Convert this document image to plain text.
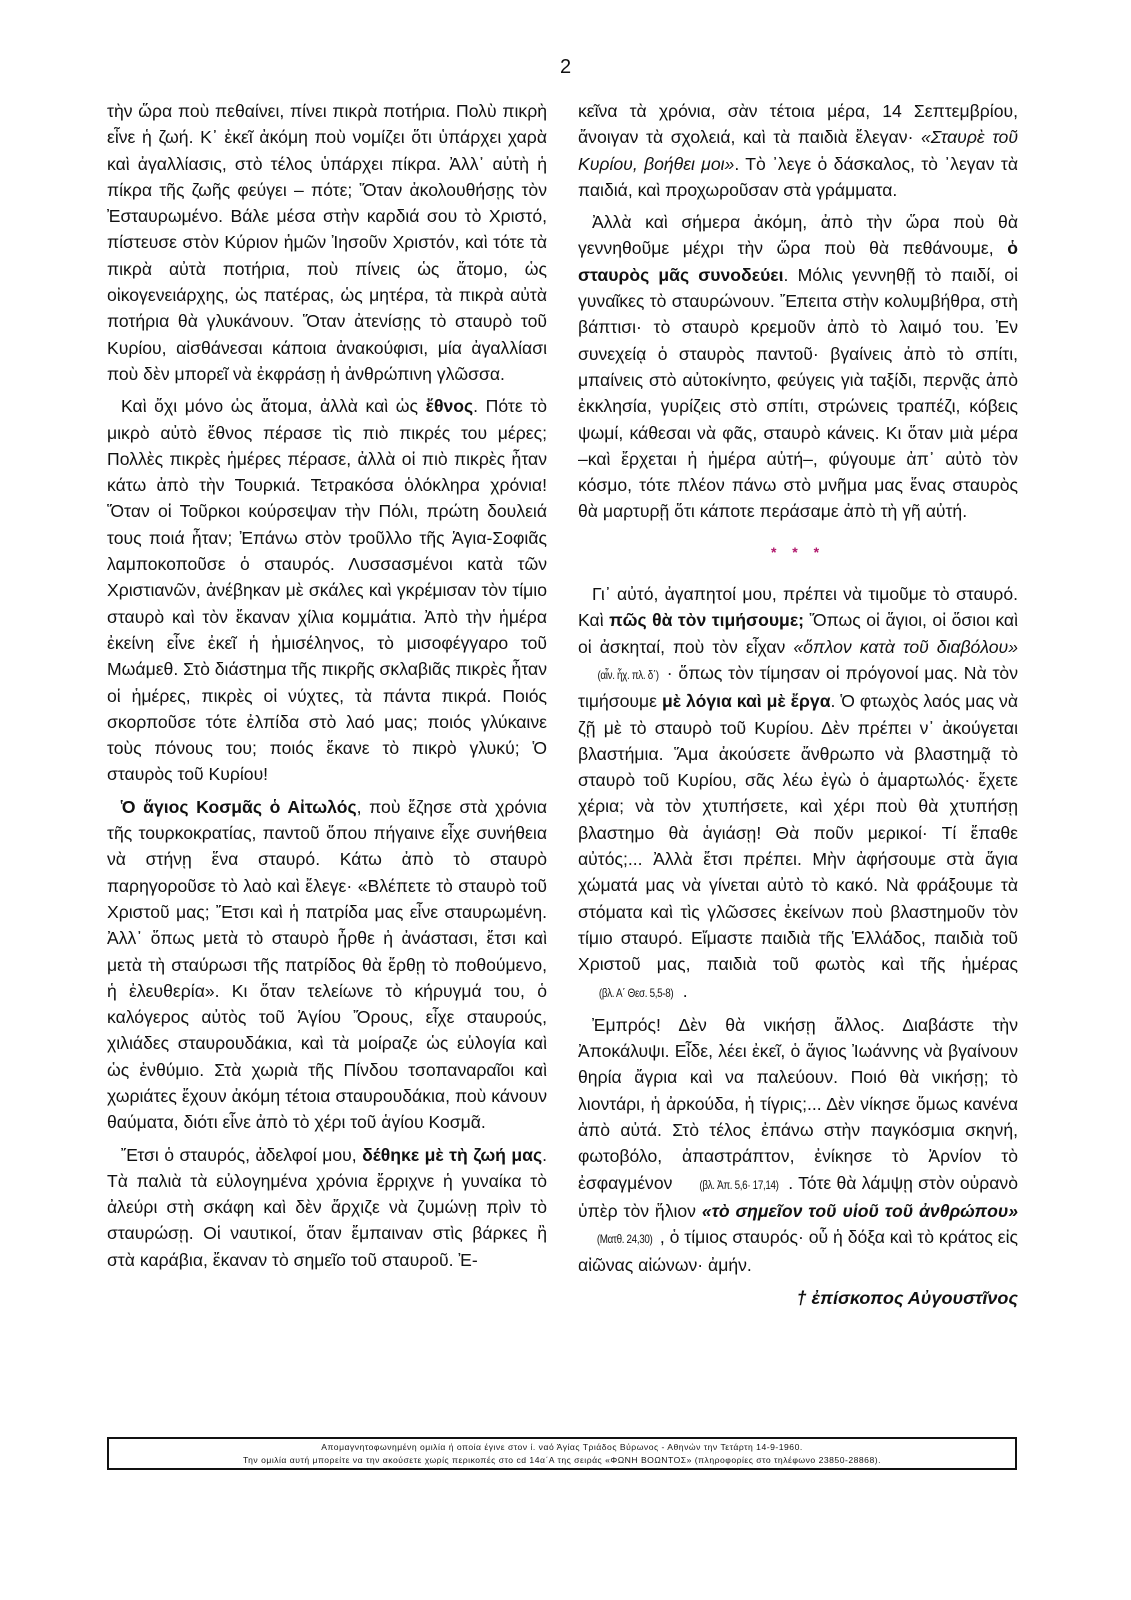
2

τὴν ὥρα ποὺ πεθαίνει, πίνει πικρὰ ποτήρια. Πολὺ πικρὴ εἶνε ἡ ζωή. Κ᾽ ἐκεῖ ἀκόμη ποὺ νομίζει ὅτι ὑπάρχει χαρὰ καὶ ἀγαλλίασις, στὸ τέλος ὑπάρχει πίκρα. Ἀλλ᾽ αὐτὴ ἡ πίκρα τῆς ζωῆς φεύγει – πότε; Ὅταν ἀκολουθήσῃς τὸν Ἐσταυρωμένο. Βάλε μέσα στὴν καρδιά σου τὸ Χριστό, πίστευσε στὸν Κύριον ἡμῶν Ἰησοῦν Χριστόν, καὶ τότε τὰ πικρὰ αὐτὰ ποτήρια, ποὺ πίνεις ὡς ἄτομο, ὡς οἰκογενειάρχης, ὡς πατέρας, ὡς μητέρα, τὰ πικρὰ αὐτὰ ποτήρια θὰ γλυκάνουν. Ὅταν ἀτενίσῃς τὸ σταυρὸ τοῦ Κυρίου, αἰσθάνεσαι κάποια ἀνακούφισι, μία ἀγαλλίασι ποὺ δὲν μπορεῖ νὰ ἐκφράσῃ ἡ ἀνθρώπινη γλῶσσα.

Καὶ ὄχι μόνο ὡς ἄτομα, ἀλλὰ καὶ ὡς ἔθνος. Πότε τὸ μικρὸ αὐτὸ ἔθνος πέρασε τὶς πιὸ πικρές του μέρες; Πολλὲς πικρὲς ἡμέρες πέρασε, ἀλλὰ οἱ πιὸ πικρὲς ἦταν κάτω ἀπὸ τὴν Τουρκιά. Τετρακόσα ὁλόκληρα χρόνια! Ὅταν οἱ Τοῦρκοι κούρσεψαν τὴν Πόλι, πρώτη δουλειά τους ποιά ἦταν; Ἐπάνω στὸν τροῦλλο τῆς Ἁγια-Σοφιᾶς λαμποκοποῦσε ὁ σταυρός. Λυσσασμένοι κατὰ τῶν Χριστιανῶν, ἀνέβηκαν μὲ σκάλες καὶ γκρέμισαν τὸν τίμιο σταυρὸ καὶ τὸν ἔκαναν χίλια κομμάτια. Ἀπὸ τὴν ἡμέρα ἐκείνη εἶνε ἐκεῖ ἡ ἡμισέληνος, τὸ μισοφέγγαρο τοῦ Μωάμεθ. Στὸ διάστημα τῆς πικρῆς σκλαβιᾶς πικρὲς ἦταν οἱ ἡμέρες, πικρὲς οἱ νύχτες, τὰ πάντα πικρά. Ποιός σκορποῦσε τότε ἐλπίδα στὸ λαό μας; ποιός γλύκαινε τοὺς πόνους του; ποιός ἔκανε τὸ πικρὸ γλυκύ; Ὁ σταυρὸς τοῦ Κυρίου!

Ὁ ἅγιος Κοσμᾶς ὁ Αἰτωλός, ποὺ ἔζησε στὰ χρόνια τῆς τουρκοκρατίας, παντοῦ ὅπου πήγαινε εἶχε συνήθεια νὰ στήνῃ ἕνα σταυρό. Κάτω ἀπὸ τὸ σταυρὸ παρηγοροῦσε τὸ λαὸ καὶ ἔλεγε· «Βλέπετε τὸ σταυρὸ τοῦ Χριστοῦ μας; Ἔτσι καὶ ἡ πατρίδα μας εἶνε σταυρωμένη. Ἀλλ᾽ ὅπως μετὰ τὸ σταυρὸ ἦρθε ἡ ἀνάστασι, ἔτσι καὶ μετὰ τὴ σταύρωσι τῆς πατρίδος θὰ ἔρθῃ τὸ ποθούμενο, ἡ ἐλευθερία». Κι ὅταν τελείωνε τὸ κήρυγμά του, ὁ καλόγερος αὐτὸς τοῦ Ἁγίου Ὄρους, εἶχε σταυρούς, χιλιάδες σταυρουδάκια, καὶ τὰ μοίραζε ὡς εὐλογία καὶ ὡς ἐνθύμιο. Στὰ χωριὰ τῆς Πίνδου τσοπαναραῖοι καὶ χωριάτες ἔχουν ἀκόμη τέτοια σταυρουδάκια, ποὺ κάνουν θαύματα, διότι εἶνε ἀπὸ τὸ χέρι τοῦ ἁγίου Κοσμᾶ.

Ἔτσι ὁ σταυρός, ἀδελφοί μου, δέθηκε μὲ τὴ ζωή μας. Τὰ παλιὰ τὰ εὐλογημένα χρόνια ἔρριχνε ἡ γυναίκα τὸ ἀλεύρι στὴ σκάφη καὶ δὲν ἄρχιζε νὰ ζυμώνῃ πρὶν τὸ σταυρώσῃ. Οἱ ναυτικοί, ὅταν ἔμπαιναν στὶς βάρκες ἢ στὰ καράβια, ἔκαναν τὸ σημεῖο τοῦ σταυροῦ. Ἐ-

κεῖνα τὰ χρόνια, σὰν τέτοια μέρα, 14 Σεπτεμβρίου, ἄνοιγαν τὰ σχολειά, καὶ τὰ παιδιὰ ἔλεγαν· «Σταυρὲ τοῦ Κυρίου, βοήθει μοι». Τὸ ᾽λεγε ὁ δάσκαλος, τὸ ᾽λεγαν τὰ παιδιά, καὶ προχωροῦσαν στὰ γράμματα.

Ἀλλὰ καὶ σήμερα ἀκόμη, ἀπὸ τὴν ὥρα ποὺ θὰ γεννηθοῦμε μέχρι τὴν ὥρα ποὺ θὰ πεθάνουμε, ὁ σταυρὸς μᾶς συνοδεύει. Μόλις γεννηθῇ τὸ παιδί, οἱ γυναῖκες τὸ σταυρώνουν. Ἔπειτα στὴν κολυμβήθρα, στὴ βάπτισι· τὸ σταυρὸ κρεμοῦν ἀπὸ τὸ λαιμό του. Ἐν συνεχείᾳ ὁ σταυρὸς παντοῦ· βγαίνεις ἀπὸ τὸ σπίτι, μπαίνεις στὸ αὐτοκίνητο, φεύγεις γιὰ ταξίδι, περνᾷς ἀπὸ ἐκκλησία, γυρίζεις στὸ σπίτι, στρώνεις τραπέζι, κόβεις ψωμί, κάθεσαι νὰ φᾶς, σταυρὸ κάνεις. Κι ὅταν μιὰ μέρα –καὶ ἔρχεται ἡ ἡμέρα αὐτή–, φύγουμε ἀπ᾽ αὐτὸ τὸν κόσμο, τότε πλέον πάνω στὸ μνῆμα μας ἕνας σταυρὸς θὰ μαρτυρῇ ὅτι κάποτε περάσαμε ἀπὸ τὴ γῆ αὐτή.

* * *

Γι᾽ αὐτό, ἀγαπητοί μου, πρέπει νὰ τιμοῦμε τὸ σταυρό. Καὶ πῶς θὰ τὸν τιμήσουμε; Ὅπως οἱ ἅγιοι, οἱ ὅσιοι καὶ οἱ ἀσκηταί, ποὺ τὸν εἶχαν «ὅπλον κατὰ τοῦ διαβόλου»(αἶν. ἦχ. πλ. δ΄) · ὅπως τὸν τίμησαν οἱ πρόγονοί μας. Νὰ τὸν τιμήσουμε μὲ λόγια καὶ μὲ ἔργα. Ὁ φτωχὸς λαός μας νὰ ζῇ μὲ τὸ σταυρὸ τοῦ Κυρίου. Δὲν πρέπει ν᾽ ἀκούγεται βλαστήμια. Ἅμα ἀκούσετε ἄνθρωπο νὰ βλαστημᾷ τὸ σταυρὸ τοῦ Κυρίου, σᾶς λέω ἐγὼ ὁ ἁμαρτωλός· ἔχετε χέρια; νὰ τὸν χτυπήσετε, καὶ χέρι ποὺ θὰ χτυπήσῃ βλαστημο θὰ ἁγιάσῃ! Θὰ ποῦν μερικοί· Τί ἔπαθε αὐτός;... Ἀλλὰ ἔτσι πρέπει. Μὴν ἀφήσουμε στὰ ἅγια χώματά μας νὰ γίνεται αὐτὸ τὸ κακό. Νὰ φράξουμε τὰ στόματα καὶ τὶς γλῶσσες ἐκείνων ποὺ βλαστημοῦν τὸν τίμιο σταυρό. Εἴμαστε παιδιὰ τῆς Ἑλλάδος, παιδιὰ τοῦ Χριστοῦ μας, παιδιὰ τοῦ φωτὸς καὶ τῆς ἡμέρας (βλ. Α΄ Θεσ. 5,5-8) .

Ἐμπρός! Δὲν θὰ νικήσῃ ἄλλος. Διαβάστε τὴν Ἀποκάλυψι. Εἶδε, λέει ἐκεῖ, ὁ ἅγιος Ἰωάννης νὰ βγαίνουν θηρία ἄγρια καὶ να παλεύουν. Ποιό θὰ νικήσῃ; τὸ λιοντάρι, ἡ ἀρκούδα, ἡ τίγρις;... Δὲν νίκησε ὅμως κανένα ἀπὸ αὐτά. Στὸ τέλος ἐπάνω στὴν παγκόσμια σκηνή, φωτοβόλο, ἀπαστράπτον, ἐνίκησε τὸ Ἀρνίον τὸ ἐσφαγμένον (βλ. Ἀπ. 5,6· 17,14) . Τότε θὰ λάμψῃ στὸν οὐρανὸ ὑπὲρ τὸν ἥλιον «τὸ σημεῖον τοῦ υἱοῦ τοῦ ἀνθρώπου»(Ματθ. 24,30) , ὁ τίμιος σταυρός· οὗ ἡ δόξα καὶ τὸ κράτος εἰς αἰῶνας αἰώνων· ἀμήν.

† ἐπίσκοπος Αὐγουστῖνος
Απομαγνητοφωνημένη ομιλία ή οποία έγινε στον ί. ναό Άγίας Τριάδος Βύρωνος - Αθηνών την Τετάρτη 14-9-1960.
Την ομιλία αυτή μπορείτε να την ακούσετε χωρίς περικοπές στο cd 14α΄Α της σειράς «ΦΩΝΗ ΒΟΩΝΤΟΣ» (πληροφορίες στο τηλέφωνο 23850-28868).
